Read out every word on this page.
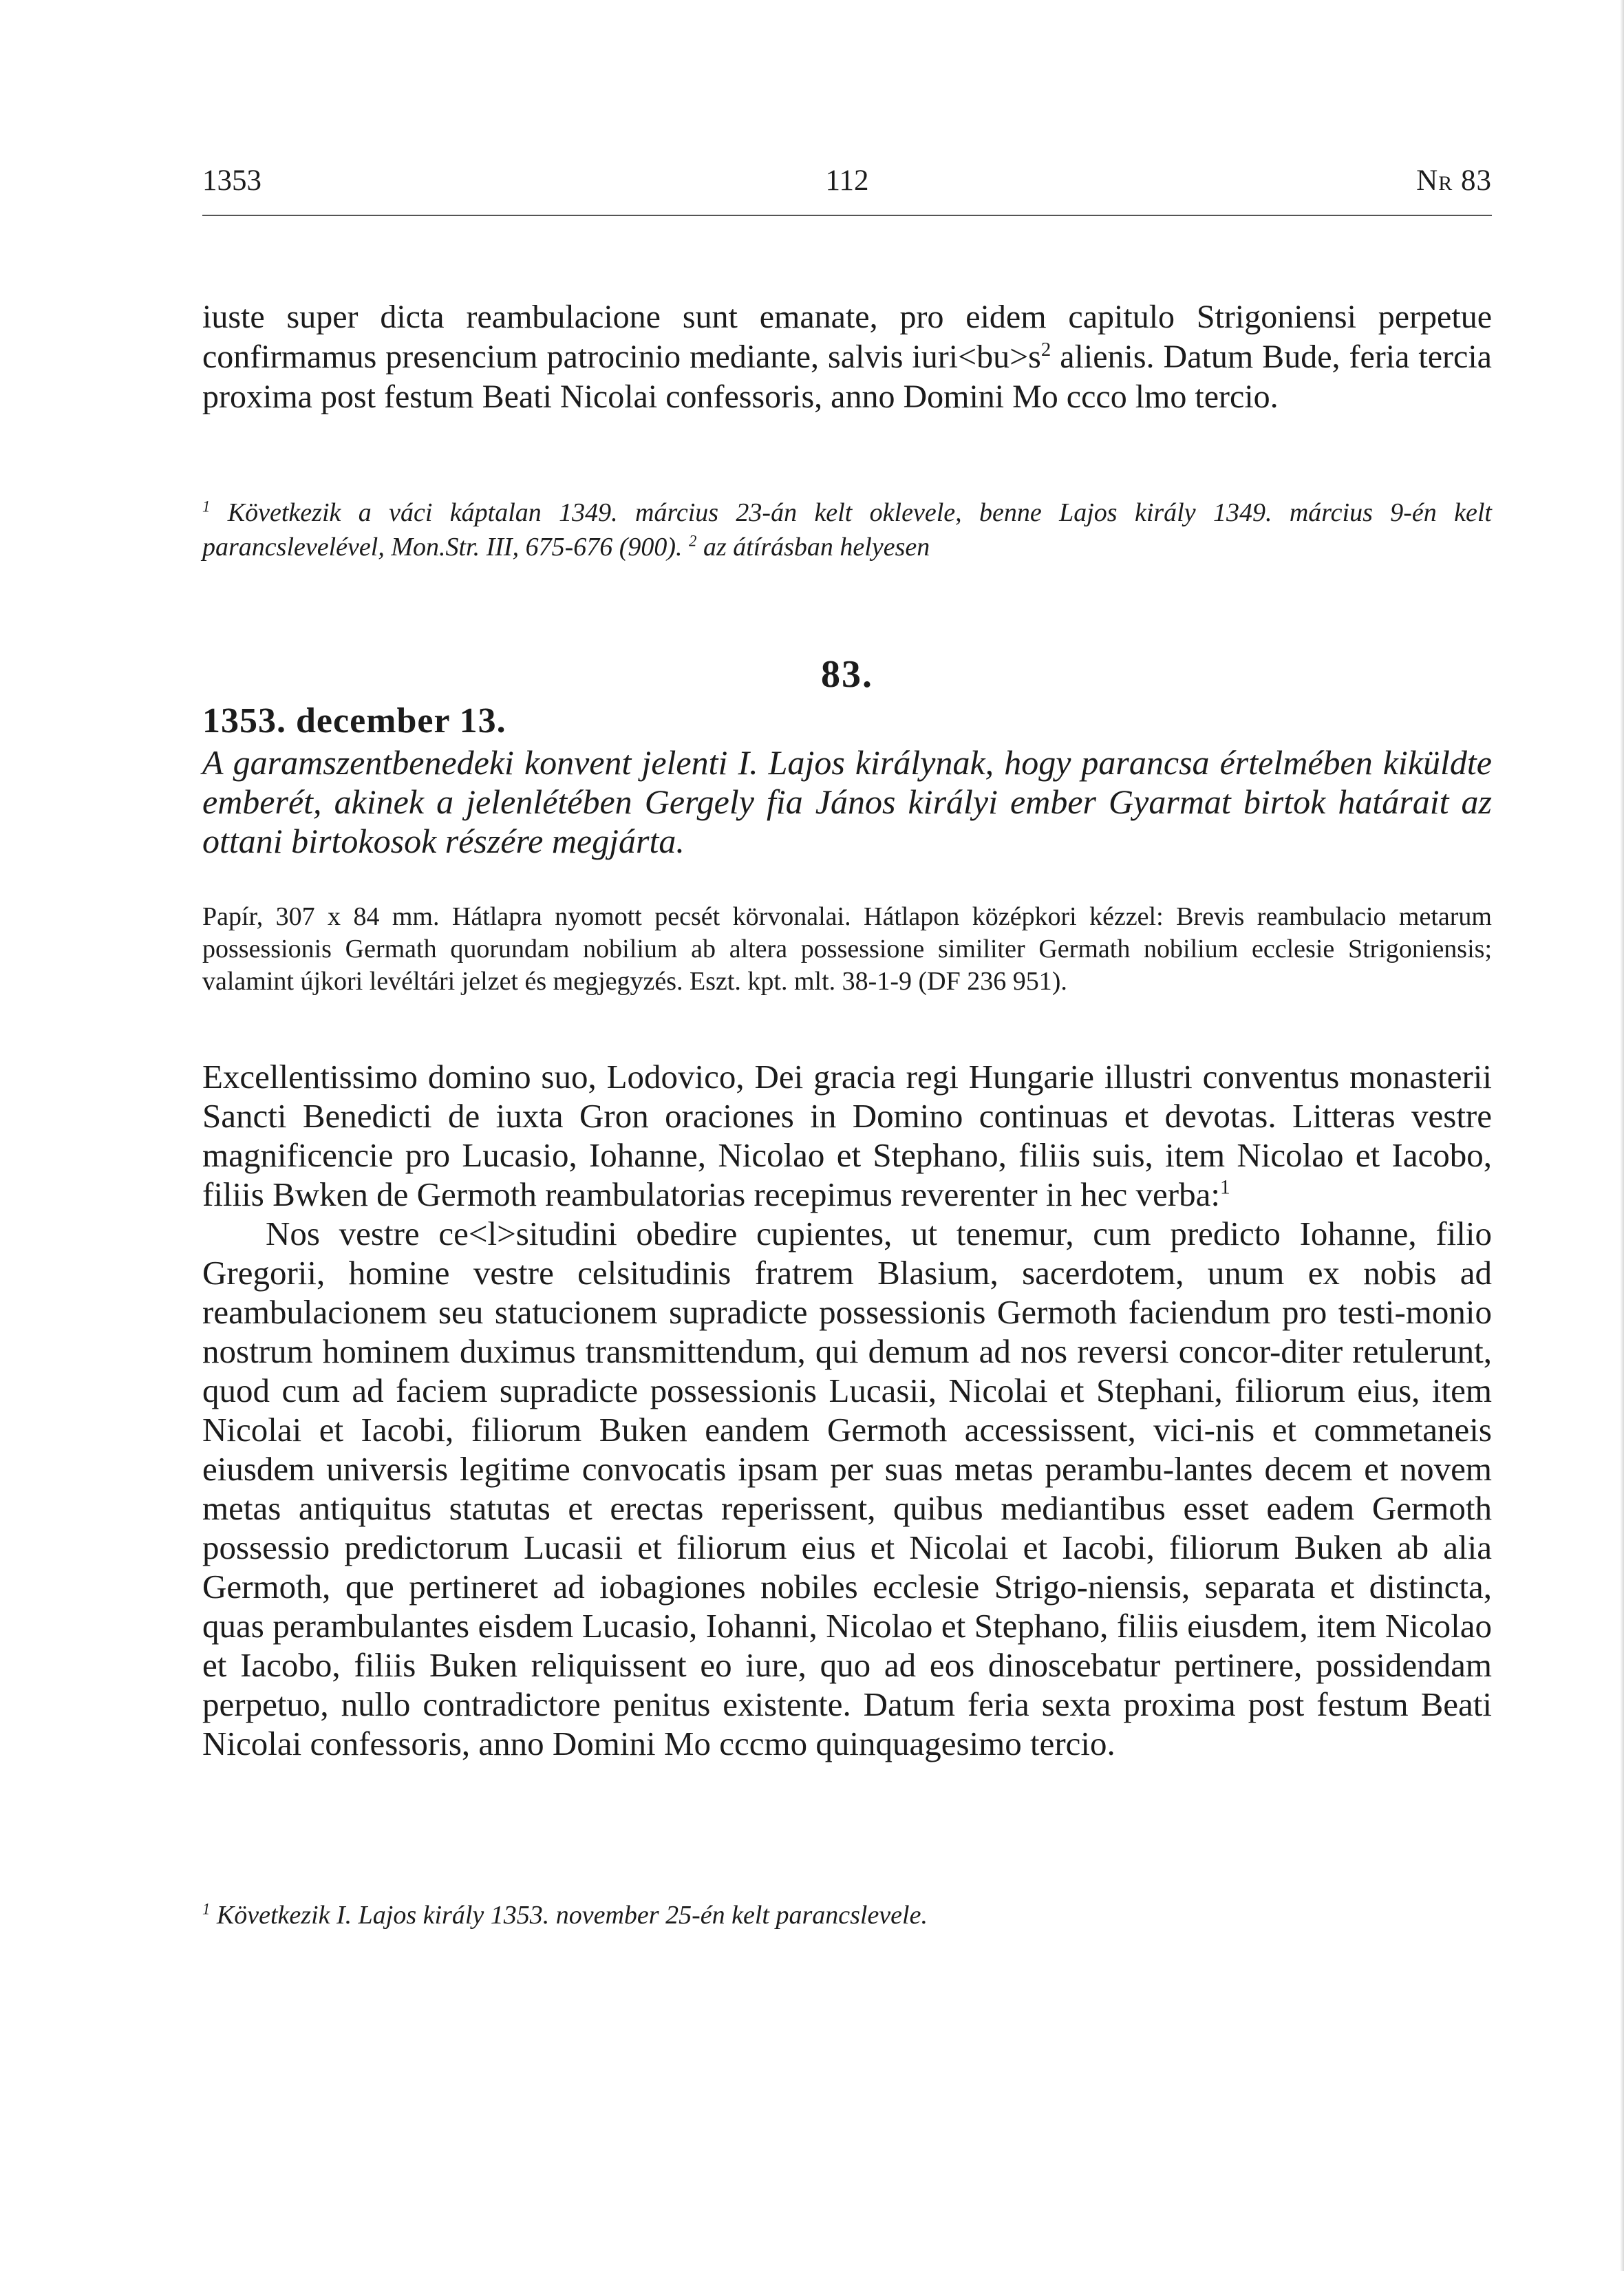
1353	112	Nr 83
iuste super dicta reambulacione sunt emanate, pro eidem capitulo Strigoniensi perpetue confirmamus presencium patrocinio mediante, salvis $iuri<bu>s^2$ alienis. Datum Bude, feria tercia proxima post festum Beati Nicolai confessoris, anno Domini Mo ccco lmo tercio.
$^1$ Következik a váci káptalan 1349. március 23-án kelt oklevele, benne Lajos király 1349. március 9-én kelt parancslevelével, Mon.Str. III, 675-676 (900). $^2$ az átírásban helyesen
83.
1353. december 13.
A garamszentbenedeki konvent jelenti I. Lajos királynak, hogy parancsa értelmében kiküldte emberét, akinek a jelenlétében Gergely fia János királyi ember Gyarmat birtok határait az ottani birtokosok részére megjárta.
Papír, 307 x 84 mm. Hátlapra nyomott pecsét körvonalai. Hátlapon középkori kézzel: Brevis reambulacio metarum possessionis Germath quorundam nobilium ab altera possessione similiter Germath nobilium ecclesie Strigoniensis; valamint újkori levéltári jelzet és megjegyzés. Eszt. kpt. mlt. 38-1-9 (DF 236 951).

Excellentissimo domino suo, Lodovico, Dei gracia regi Hungarie illustri conventus monasterii Sancti Benedicti de iuxta Gron oraciones in Domino continuas et devotas. Litteras vestre magnificencie pro Lucasio, Iohanne, Nicolao et Stephano, filiis suis, item Nicolao et Iacobo, filiis Bwken de Germoth reambulatorias recepimus reverenter in hec verba:$^1$

Nos vestre ce<l>situdini obedire cupientes, ut tenemur, cum predicto Iohanne, filio Gregorii, homine vestre celsitudinis fratrem Blasium, sacerdotem, unum ex nobis ad reambulacionem seu statucionem supradicte possessionis Germoth faciendum pro testi-monio nostrum hominem duximus transmittendum, qui demum ad nos reversi concor-diter retulerunt, quod cum ad faciem supradicte possessionis Lucasii, Nicolai et Stephani, filiorum eius, item Nicolai et Iacobi, filiorum Buken eandem Germoth accessissent, vici-nis et commetaneis eiusdem universis legitime convocatis ipsam per suas metas perambu-lantes decem et novem metas antiquitus statutas et erectas reperissent, quibus mediantibus esset eadem Germoth possessio predictorum Lucasii et filiorum eius et Nicolai et Iacobi, filiorum Buken ab alia Germoth, que pertineret ad iobagiones nobiles ecclesie Strigo-niensis, separata et distincta, quas perambulantes eisdem Lucasio, Iohanni, Nicolao et Stephano, filiis eiusdem, item Nicolao et Iacobo, filiis Buken reliquissent eo iure, quo ad eos dinoscebatur pertinere, possidendam perpetuo, nullo contradictore penitus existente. Datum feria sexta proxima post festum Beati Nicolai confessoris, anno Domini Mo cccmo quinquagesimo tercio.

$^1$ Következik I. Lajos király 1353. november 25-én kelt parancslevele.
